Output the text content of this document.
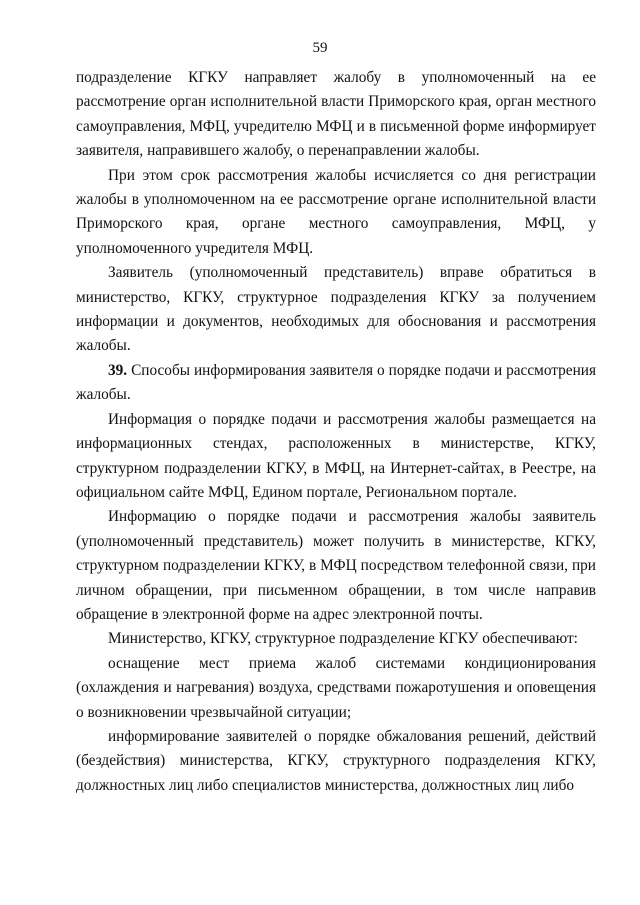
59

подразделение КГКУ направляет жалобу в уполномоченный на ее рассмотрение орган исполнительной власти Приморского края, орган местного самоуправления, МФЦ, учредителю МФЦ и в письменной форме информирует заявителя, направившего жалобу, о перенаправлении жалобы.

При этом срок рассмотрения жалобы исчисляется со дня регистрации жалобы в уполномоченном на ее рассмотрение органе исполнительной власти Приморского края, органе местного самоуправления, МФЦ, у уполномоченного учредителя МФЦ.

Заявитель (уполномоченный представитель) вправе обратиться в министерство, КГКУ, структурное подразделения КГКУ за получением информации и документов, необходимых для обоснования и рассмотрения жалобы.

39. Способы информирования заявителя о порядке подачи и рассмотрения жалобы.

Информация о порядке подачи и рассмотрения жалобы размещается на информационных стендах, расположенных в министерстве, КГКУ, структурном подразделении КГКУ, в МФЦ, на Интернет-сайтах, в Реестре, на официальном сайте МФЦ, Едином портале, Региональном портале.

Информацию о порядке подачи и рассмотрения жалобы заявитель (уполномоченный представитель) может получить в министерстве, КГКУ, структурном подразделении КГКУ, в МФЦ посредством телефонной связи, при личном обращении, при письменном обращении, в том числе направив обращение в электронной форме на адрес электронной почты.

Министерство, КГКУ, структурное подразделение КГКУ обеспечивают:

оснащение мест приема жалоб системами кондиционирования (охлаждения и нагревания) воздуха, средствами пожаротушения и оповещения о возникновении чрезвычайной ситуации;

информирование заявителей о порядке обжалования решений, действий (бездействия) министерства, КГКУ, структурного подразделения КГКУ, должностных лиц либо специалистов министерства, должностных лиц либо
